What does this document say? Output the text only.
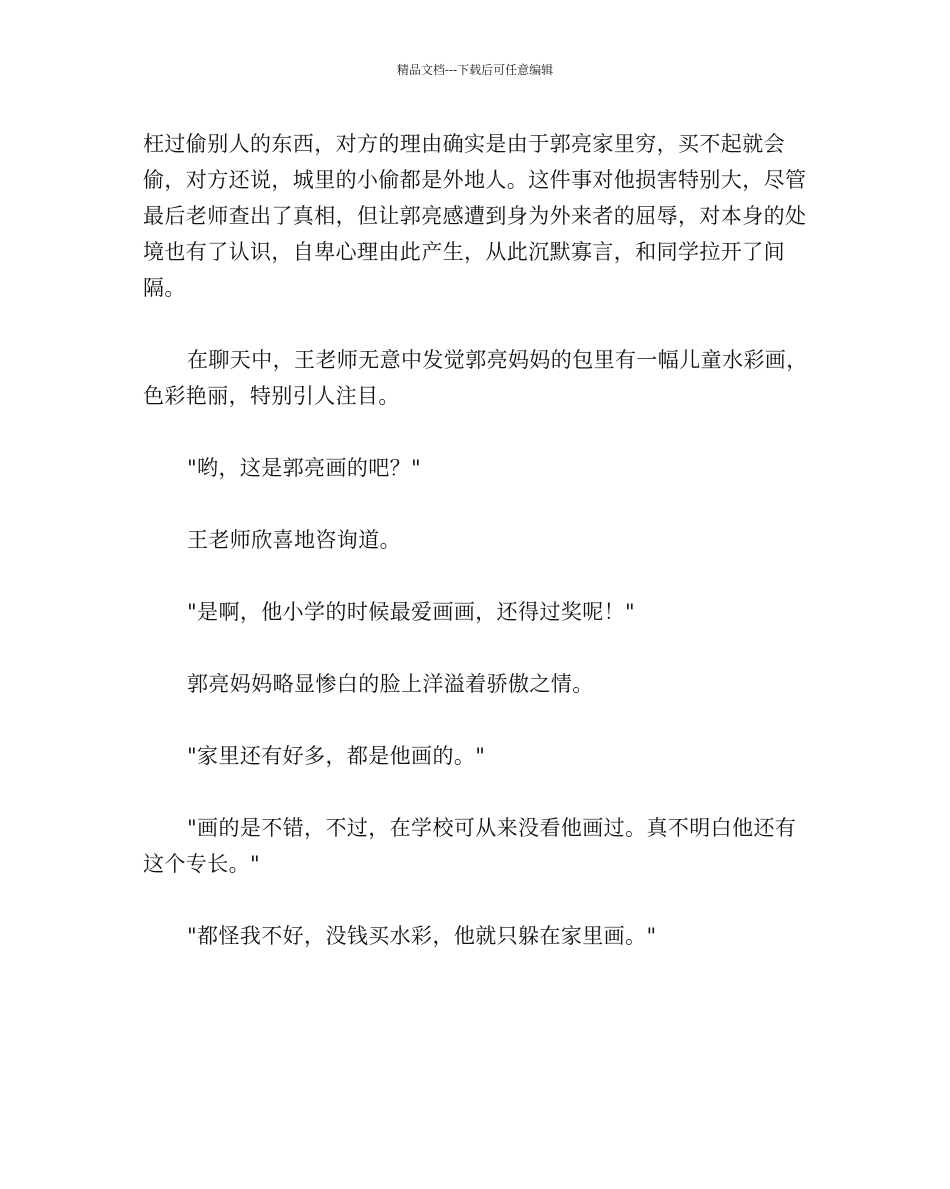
精品文档---下载后可任意编辑

枉过偷别人的东西，对方的理由确实是由于郭亮家里穷，买不起就会偷，对方还说，城里的小偷都是外地人。这件事对他损害特别大，尽管最后老师查出了真相，但让郭亮感遭到身为外来者的屈辱，对本身的处境也有了认识，自卑心理由此产生，从此沉默寡言，和同学拉开了间隔。

在聊天中，王老师无意中发觉郭亮妈妈的包里有一幅儿童水彩画，色彩艳丽，特别引人注目。

"哟，这是郭亮画的吧？"

王老师欣喜地咨询道。

"是啊，他小学的时候最爱画画，还得过奖呢！"

郭亮妈妈略显惨白的脸上洋溢着骄傲之情。

"家里还有好多，都是他画的。"

"画的是不错，不过，在学校可从来没看他画过。真不明白他还有这个专长。"

"都怪我不好，没钱买水彩，他就只躲在家里画。"
